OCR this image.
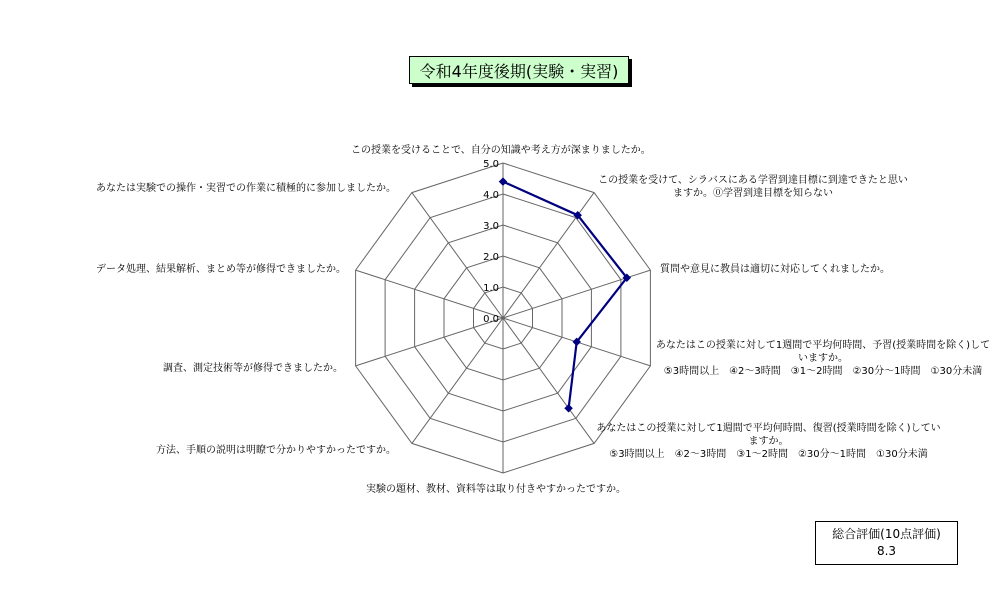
令和4年度後期(実験・実習)
0.0
1.0
2.0
3.0
4.0
5.0
この授業を受けることで、自分の知識や考え方が深まりましたか。
この授業を受けて、シラバスにある学習到達目標に到達できたと思いますか。⓪学習到達目標を知らない
質問や意見に教員は適切に対応してくれましたか。
あなたはこの授業に対して1週間で平均何時間、予習(授業時間を除く)していますか。
⑤3時間以上　④2～3時間　③1～2時間　②30分～1時間　①30分未満
あなたはこの授業に対して1週間で平均何時間、復習(授業時間を除く)していますか。
⑤3時間以上　④2～3時間　③1～2時間　②30分～1時間　①30分未満
実験の題材、教材、資料等は取り付きやすかったですか。
方法、手順の説明は明瞭で分かりやすかったですか。
調査、測定技術等が修得できましたか。
データ処理、結果解析、まとめ等が修得できましたか。
あなたは実験での操作・実習での作業に積極的に参加しましたか。
総合評価(10点評価)
8.3
